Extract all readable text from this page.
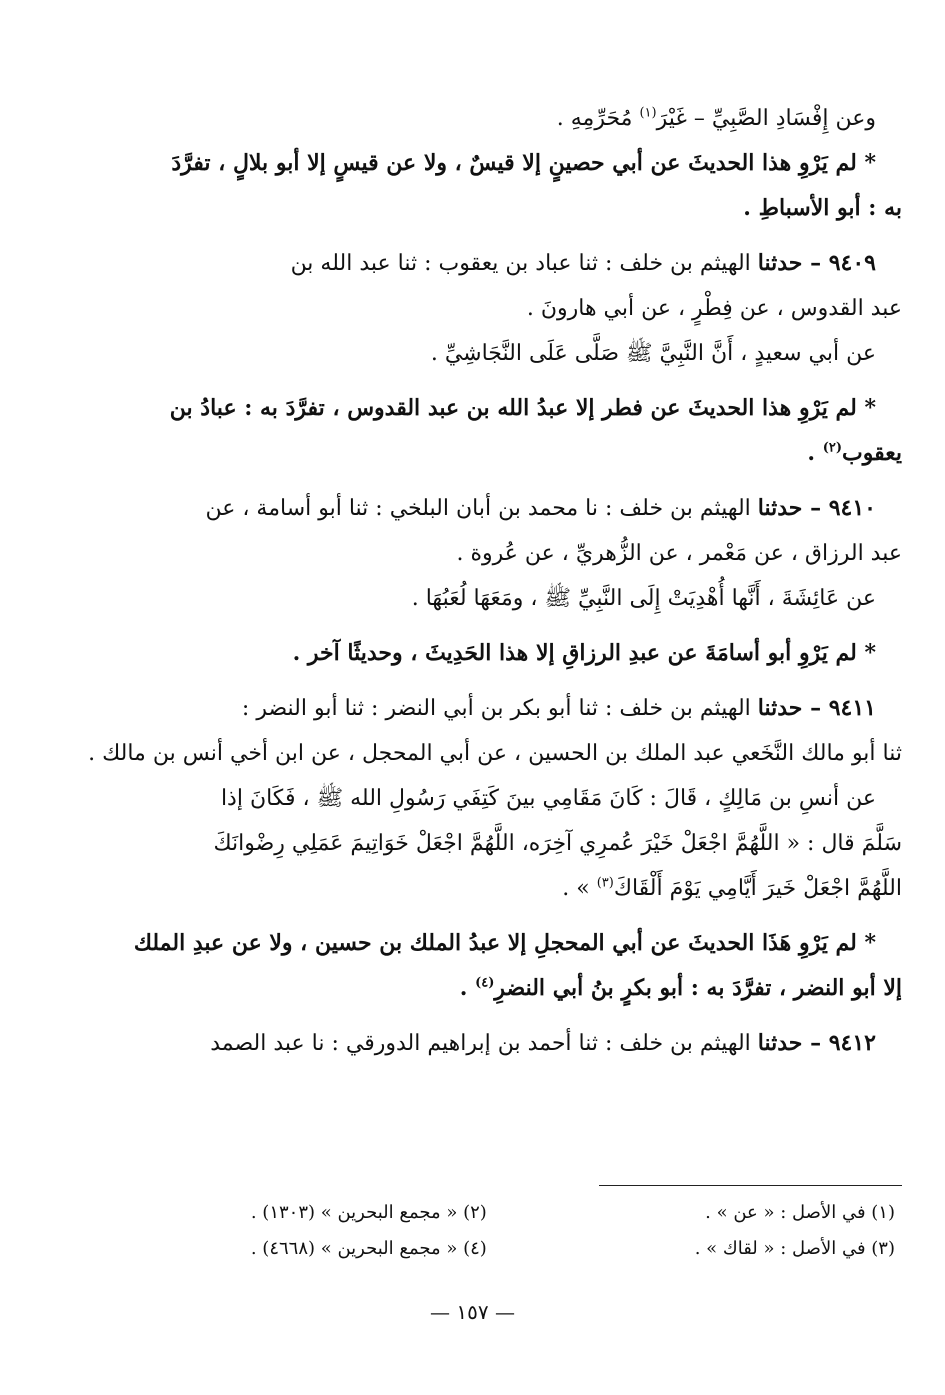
وعن إِفْسَادِ الصَّبِيِّ – غَيْرَ$^{(١)}$ مُحَرِّمِهِ .
* لم يَرْوِ هذا الحديثَ عن أبي حصينٍ إلا قيسٌ ، ولا عن قيسٍ إلا أبو بلالٍ ، تفرَّدَ
به : أبو الأسباطِ .
٩٤٠٩ – حدثنا الهيثم بن خلف : ثنا عباد بن يعقوب : ثنا عبد الله بن
عبد القدوس ، عن فِطْرٍ ، عن أبي هارونَ .
عن أبي سعيدٍ ، أَنَّ النَّبِيَّ ﷺ صَلَّى عَلَى النَّجَاشِيِّ .
* لم يَرْوِ هذا الحديثَ عن فطر إلا عبدُ الله بن عبد القدوس ، تفرَّدَ به : عبادُ بن
يعقوب$^{(٢)}$ .
٩٤١٠ – حدثنا الهيثم بن خلف : نا محمد بن أبان البلخي : ثنا أبو أسامة ، عن
عبد الرزاق ، عن مَعْمر ، عن الزُّهريِّ ، عن عُروة .
عن عَائِشَةَ ، أَنَّها أُهْدِيَتْ إِلَى النَّبِيِّ ﷺ ، ومَعَهَا لُعَبُهَا .
* لم يَرْوِ أبو أسامَةَ عن عبدِ الرزاقِ إلا هذا الحَدِيثَ ، وحديثًا آخر .
٩٤١١ – حدثنا الهيثم بن خلف : ثنا أبو بكر بن أبي النضر : ثنا أبو النضر :
ثنا أبو مالك النَّخَعي عبد الملك بن الحسين ، عن أبي المحجل ، عن ابن أخي أنس بن مالك .
عن أنسِ بن مَالِكٍ ، قَالَ : كَانَ مَقَامِي بينَ كَتِفَي رَسُولِ الله ﷺ ، فَكَانَ إذا
سَلَّمَ قال : « اللَّهُمَّ اجْعَلْ خَيْرَ عُمرِي آخِرَه، اللَّهُمَّ اجْعَلْ خَوَاتِيمَ عَمَلِي رِضْوانَكَ
اللَّهُمَّ اجْعَلْ خَيرَ أَيَّامِي يَوْمَ أَلْقَاكَ$^{(٣)}$ » .
* لم يَرْوِ هَذَا الحديثَ عن أبي المحجلِ إلا عبدُ الملك بن حسين ، ولا عن عبدِ الملك
إلا أبو النضر ، تفرَّدَ به : أبو بكرٍ بنُ أبي النضرِ$^{(٤)}$ .
٩٤١٢ – حدثنا الهيثم بن خلف : ثنا أحمد بن إبراهيم الدورقي : نا عبد الصمد
(١) في الأصل : « عن » .
(٢) « مجمع البحرين » (١٣٠٣) .
(٣) في الأصل : « لقاك » .
(٤) « مجمع البحرين » (٤٦٦٨) .
— ١٥٧ —
